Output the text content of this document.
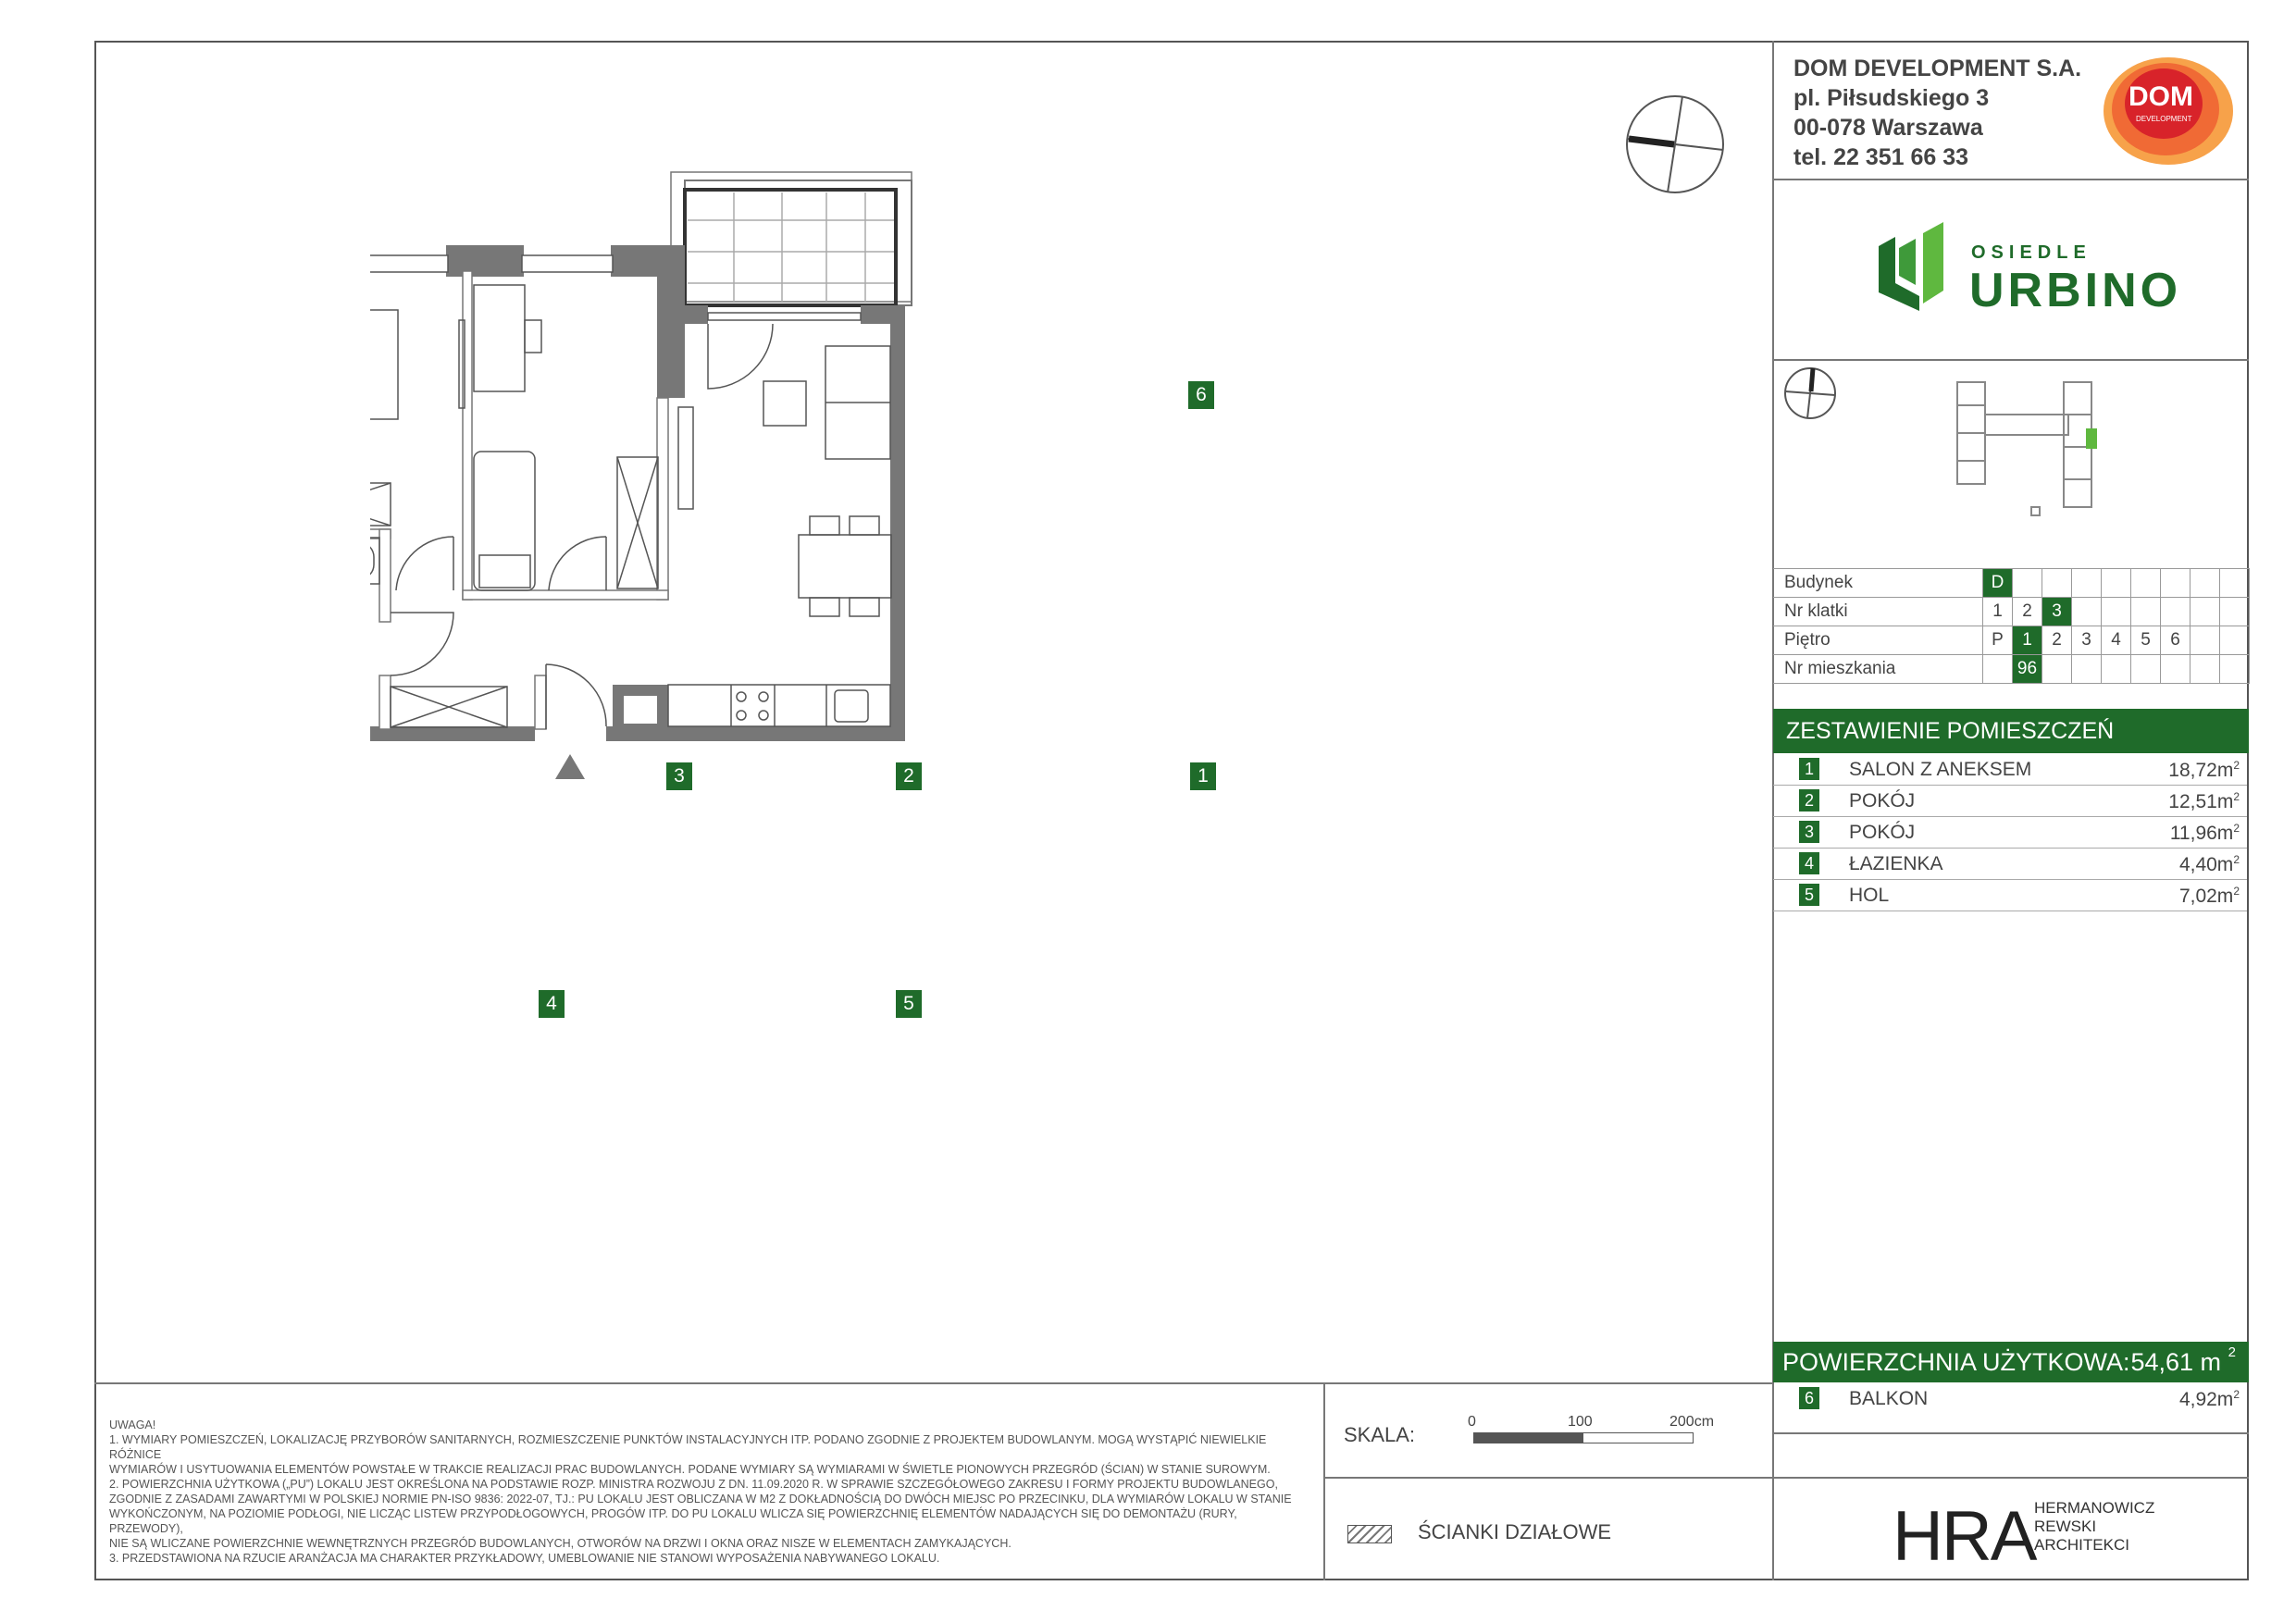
DOM DEVELOPMENT S.A.
pl. Piłsudskiego 3
00-078 Warszawa
tel. 22 351 66 33
DOM
DEVELOPMENT
OSIEDLE
URBINO
Budynek	D								
Nr klatki	1	2	3						
Piętro	P	1	2	3	4	5	6		
Nr mieszkania		96							
ZESTAWIENIE POMIESZCZEŃ
1 SALON Z ANEKSEM	$18,72m^2$
2 POKÓJ	$12,51m^2$
3 POKÓJ	$11,96m^2$
4 ŁAZIENKA	$4,40m^2$
5 HOL	$7,02m^2$
POWIERZCHNIA UŻYTKOWA: 54,61 m 2
6 BALKON	$4,92m^2$
6
1
2
3
4	5
UWAGA!
1. WYMIARY POMIESZCZEŃ, LOKALIZACJĘ PRZYBORÓW SANITARNYCH, ROZMIESZCZENIE PUNKTÓW INSTALACYJNYCH ITP. PODANO ZGODNIE Z PROJEKTEM BUDOWLANYM. MOGĄ WYSTĄPIĆ NIEWIELKIE RÓŻNICE
WYMIARÓW I USYTUOWANIA ELEMENTÓW POWSTAŁE W TRAKCIE REALIZACJI PRAC BUDOWLANYCH. PODANE WYMIARY SĄ WYMIARAMI W ŚWIETLE PIONOWYCH PRZEGRÓD (ŚCIAN) W STANIE SUROWYM.
2. POWIERZCHNIA UŻYTKOWA („PU”) LOKALU JEST OKREŚLONA NA PODSTAWIE ROZP. MINISTRA ROZWOJU Z DN. 11.09.2020 R. W SPRAWIE SZCZEGÓŁOWEGO ZAKRESU I FORMY PROJEKTU BUDOWLANEGO,
ZGODNIE Z ZASADAMI ZAWARTYMI W POLSKIEJ NORMIE PN-ISO 9836: 2022-07, TJ.: PU LOKALU JEST OBLICZANA W M2 Z DOKŁADNOŚCIĄ DO DWÓCH MIEJSC PO PRZECINKU, DLA WYMIARÓW LOKALU W STANIE
WYKOŃCZONYM, NA POZIOMIE PODŁOGI, NIE LICZĄC LISTEW PRZYPODŁOGOWYCH, PROGÓW ITP. DO PU LOKALU WLICZA SIĘ POWIERZCHNIĘ ELEMENTÓW NADAJĄCYCH SIĘ DO DEMONTAŻU (RURY, PRZEWODY),
NIE SĄ WLICZANE POWIERZCHNIE WEWNĘTRZNYCH PRZEGRÓD BUDOWLANYCH, OTWORÓW NA DRZWI I OKNA ORAZ NISZE W ELEMENTACH ZAMYKAJĄCYCH.
3. PRZEDSTAWIONA NA RZUCIE ARANŻACJA MA CHARAKTER PRZYKŁADOWY, UMEBLOWANIE NIE STANOWI WYPOSAŻENIA NABYWANEGO LOKALU.
SKALA:
0	100	200cm
ŚCIANKI DZIAŁOWE	HRA
HERMANOWICZ
REWSKI
ARCHITEKCI
